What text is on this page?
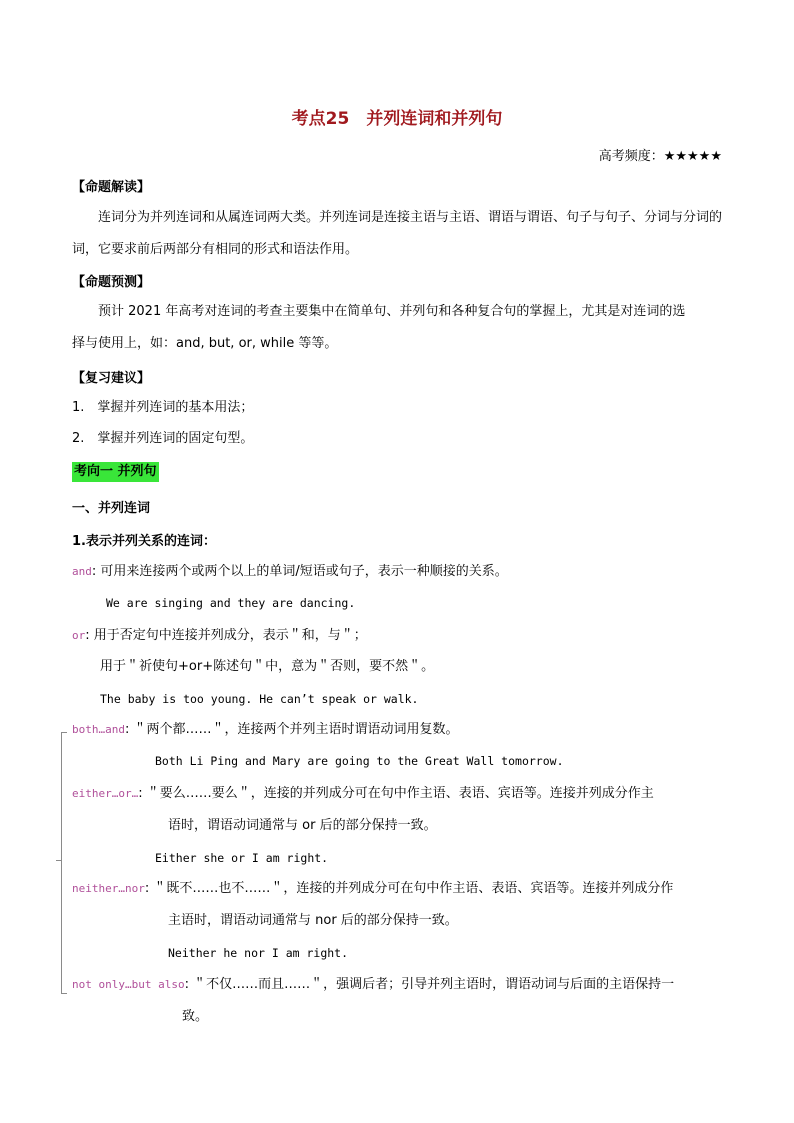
考点25　并列连词和并列句
高考频度：★★★★★
【命题解读】
连词分为并列连词和从属连词两大类。并列连词是连接主语与主语、谓语与谓语、句子与句子、分词与分词的词，它要求前后两部分有相同的形式和语法作用。
【命题预测】
预计 2021 年高考对连词的考查主要集中在简单句、并列句和各种复合句的掌握上，尤其是对连词的选
择与使用上，如：and, but, or, while 等等。
【复习建议】
1.　掌握并列连词的基本用法；
2.　掌握并列连词的固定句型。
考向一 并列句
一、并列连词
1.表示并列关系的连词：
and: 可用来连接两个或两个以上的单词/短语或句子，表示一种顺接的关系。
We are singing and they are dancing.
or: 用于否定句中连接并列成分，表示＂和，与＂；
用于＂祈使句+or+陈述句＂中，意为＂否则，要不然＂。
The baby is too young. He can’t speak or walk.
both…and: ＂两个都……＂，连接两个并列主语时谓语动词用复数。
Both Li Ping and Mary are going to the Great Wall tomorrow.
either…or…: ＂要么……要么＂，连接的并列成分可在句中作主语、表语、宾语等。连接并列成分作主
语时，谓语动词通常与 or 后的部分保持一致。
Either she or I am right.
neither…nor: ＂既不……也不……＂，连接的并列成分可在句中作主语、表语、宾语等。连接并列成分作
主语时，谓语动词通常与 nor 后的部分保持一致。
Neither he nor I am right.
not only…but also: ＂不仅……而且……＂，强调后者；引导并列主语时，谓语动词与后面的主语保持一
致。
